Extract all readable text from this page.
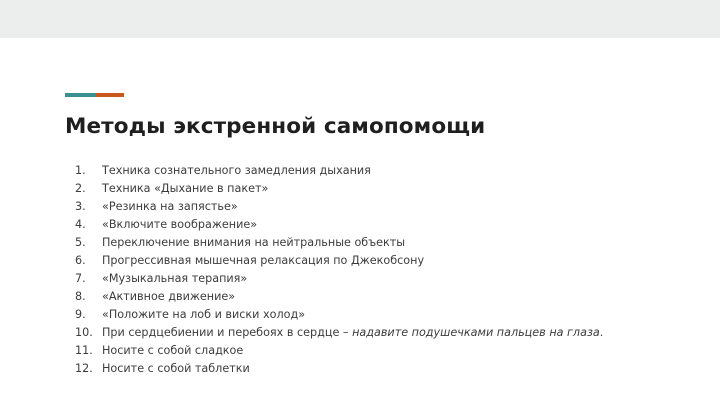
Методы экстренной самопомощи
1.	Техника сознательного замедления дыхания
2.	Техника «Дыхание в пакет»
3.	«Резинка на запястье»
4.	«Включите воображение»
5.	Переключение внимания на нейтральные объекты
6.	Прогрессивная мышечная релаксация по Джекобсону
7.	«Музыкальная терапия»
8.	«Активное движение»
9.	«Положите на лоб и виски холод»
10. При сердцебиении и перебоях в сердце – надавите подушечками пальцев на глаза.
11. Носите с собой сладкое
12. Носите с собой таблетки
